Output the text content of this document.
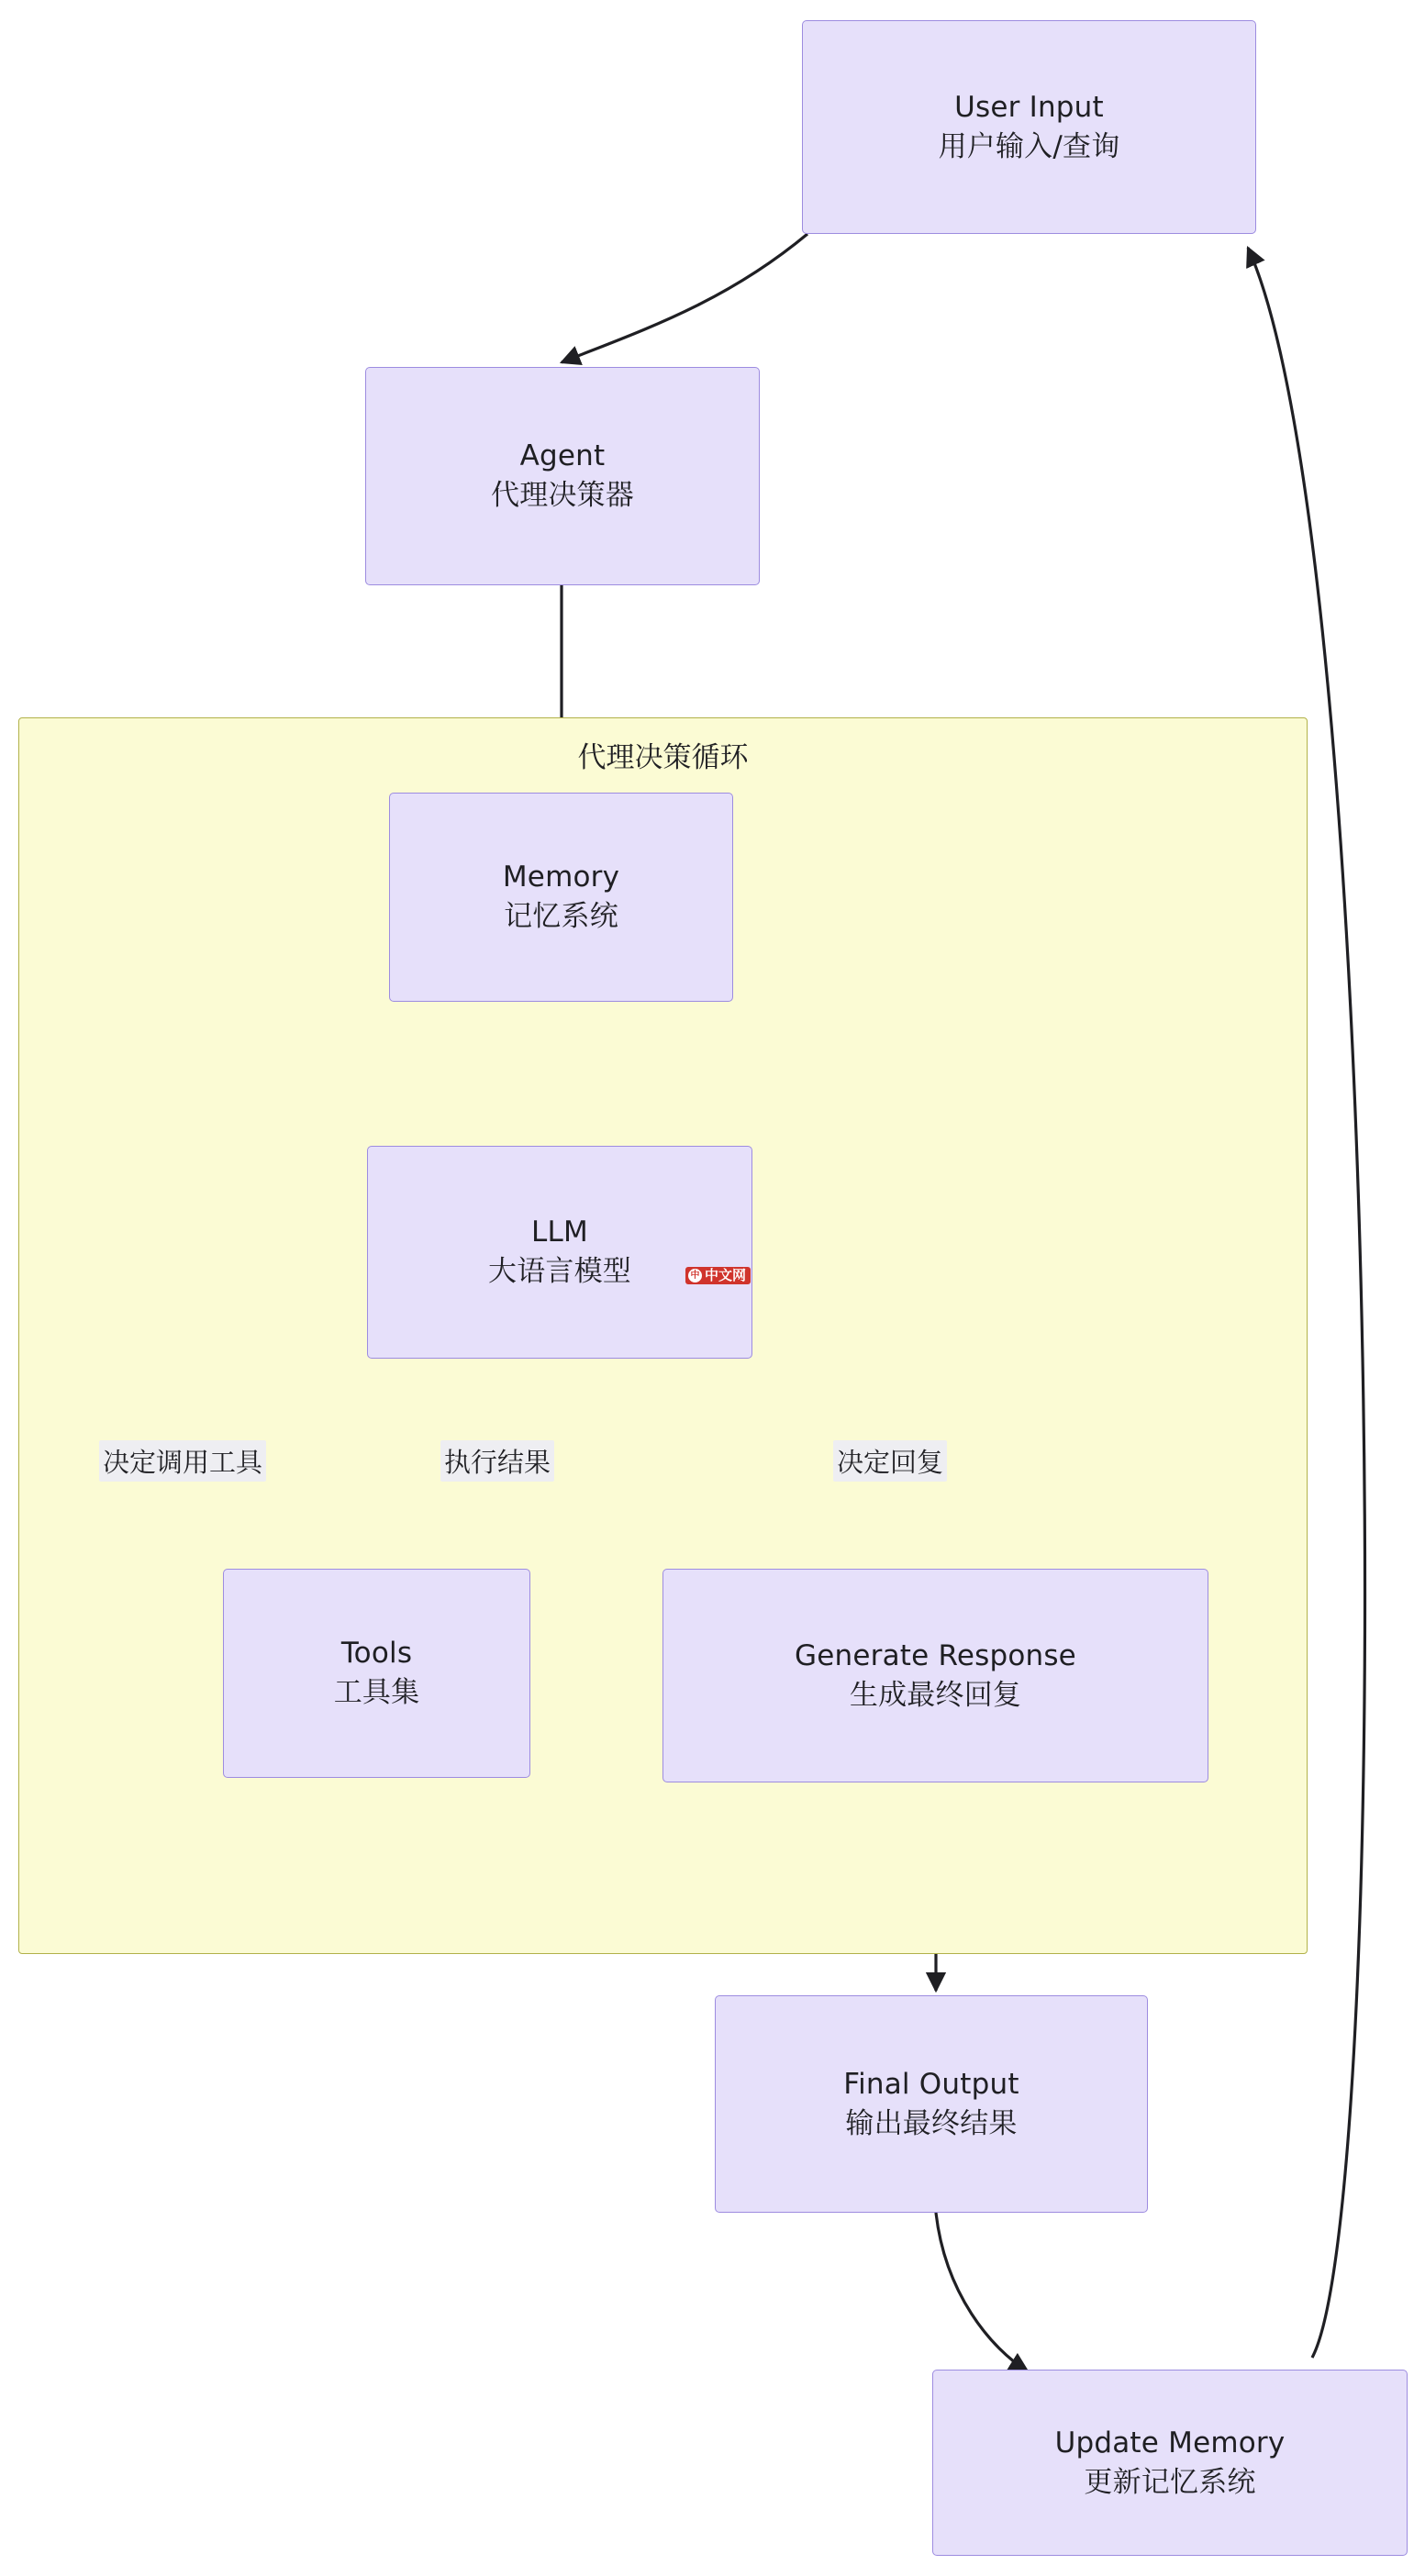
代理决策循环
User Input
用户输入/查询
Agent
代理决策器
Memory
记忆系统
LLM
大语言模型	中 中文网
Tools
工具集
Generate Response
生成最终回复
Final Output
输出最终结果
Update Memory
更新记忆系统
决定调用工具	执行结果	决定回复
